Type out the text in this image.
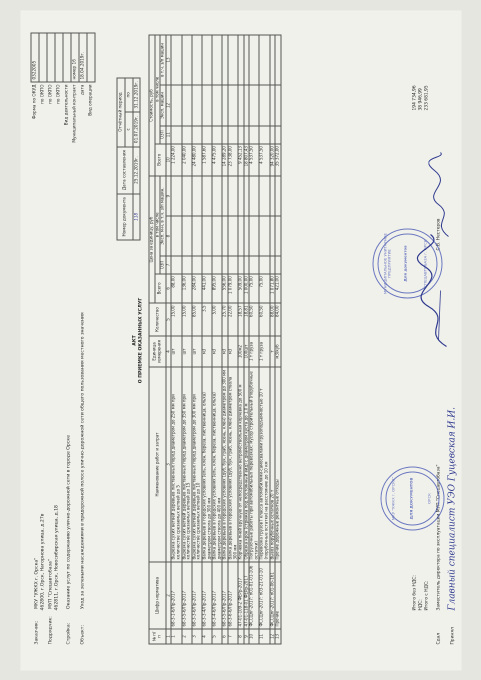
Заказчик: МКУ "УЖКХ г. Орска" 462800, г.Орск, Нагорнова улица, д.27в
Подрядчик: МУП "Спецавтобаза" 462811, г.Орск, Новосибирская улица, д.18
Стройка: Оказание услуг по содержанию улично-дорожной сети в городе Орске
Объект: Уход за зелеными насаждениями в придорожной полосе улично-дорожной сети общего пользования местного значения
Форма по ОКУД	0322005
по ОКПО	
по ОКПО	
по ОКПО	
Вид деятельности	
Муниципальный контракт	номер 16
дата	18.04.2019г.
Вид операции	
Номер документа	Дата составления	Отчётный период	
		с	по
118	25.12.2019г.	01.07.2019г.	31.12.2019г.
АКТ О ПРИЕМКЕ ОКАЗАННЫХ УСЛУГ
№ п/п	Шифр норматива	Наименование работ и затрат	Единица измерения	Количество	Цена за единицу, руб				Стоимость, руб			
					Всего	в том числе			Всего	в том числе		
						ОЗП	Эксп. м-н, в т.ч. з/п машин.			ОЗП	Эксп. машин	в т.ч. з/п машин
1	2	3	4	5	6	7	8	9	10	11	12	13
1	68-3-1-6/Пр-2017	Вырезка сухих ветвей деревьев лиственных пород диаметром до 250 мм при количестве срезаемых ветвей до 5	шт	15,00	88,00				1 224,00			
2	68-3-5-6/Пр-2017	Вырезка сухих ветвей деревьев лиственных пород диаметром до 350 мм при количестве срезаемых ветвей до 15	шт	15,00	136,00				2 040,00			
3	68-3-3-6/Пр-2017	Вырезка сухих ветвей деревьев лиственных пород диаметром до 300 мм при количестве срезаемых ветвей до 10	шт	85,00	284,00				24 480,00			
4	68-3-3-4/Пр-2017	Валка деревьев в городских условиях (ель, клён, береза, лиственница, ольха) диаметром ствола до 300 мм	м3	3,5	441,00				1 587,60			
5	68-3-4-6/Пр-2017	Валка деревьев в городских условиях (ель, клён, береза, лиственница, ольха) диаметром ствола до 400 мм	м3	5,00	895,00				4 475,00			
6	68-3-5-6/Пр-2017	Валка деревьев в городских условиях (дуб, бук, граб, ясень, клён) диаметром до 300 мм	м3	25,70	556,00				14 289,20			
7	68-3-6-6/Пр-2017	Валка деревьев в городских условиях (дуб, бук, граб, ясень, клён) диаметром ствола 300 мм	м3	22,00	1 079,00				23 738,00			
8	47-01-109-2 ФЕРр-2017	Корчевка пней вручную от непосредственно ветром/ствольная корчевка до 500 м	100м2	18,57	509,00				9 452,13			
9	47-01-118-01 ФЕРр-2017	Обрезка крон (стрижка под постоянный вид) с диаметром куста до 1,0 м	100шт	18,81	1 000,00				18 807,43			
10	ФССЦпг-2017: п01-01-01-106	Погрузочные работы при автомобильных перевозках: мусор строительный (порубочные остатки)	1 т груза	60,50	75,00				4 537,50			
11	ФССЦпг-2017: п03-21-01-10	Перевозка грузов I класса автомобилями-самосвалами грузоподъемностью 10 т (порубочные остатки) на расстояние до 10 км	1 т груза	60,50	75,00				4 537,50			
12	ФССЦпг-2017: п01-06-161	Вывоз порубочных остатков 20 т	т	88,00	1 071,80				94 320,00			
13	Прочие	Прочие дорожные ремонтные отходы	м3/куб	84,00	421,00				35 372,00			
Итого без НДС: НДС: Итого с НДС:
194 734,96 38 946,99 233 681,95
Сдал
Заместитель директора по эксплуатации МУП "Спецавтобаза"
С.В. Нестеров
Принял
Главный специалист УЭО Гуцевская И.И.
МКУ "УЖКХ г. ОРСКА"	ДЛЯ ДОКУМЕНТОВ	ОРСК
МУНИЦИПАЛЬНОЕ УНИТАРНОЕ ПРЕДПРИЯТИЕ	Для документов	СПЕЦАВТОБАЗА г. ОРСК
